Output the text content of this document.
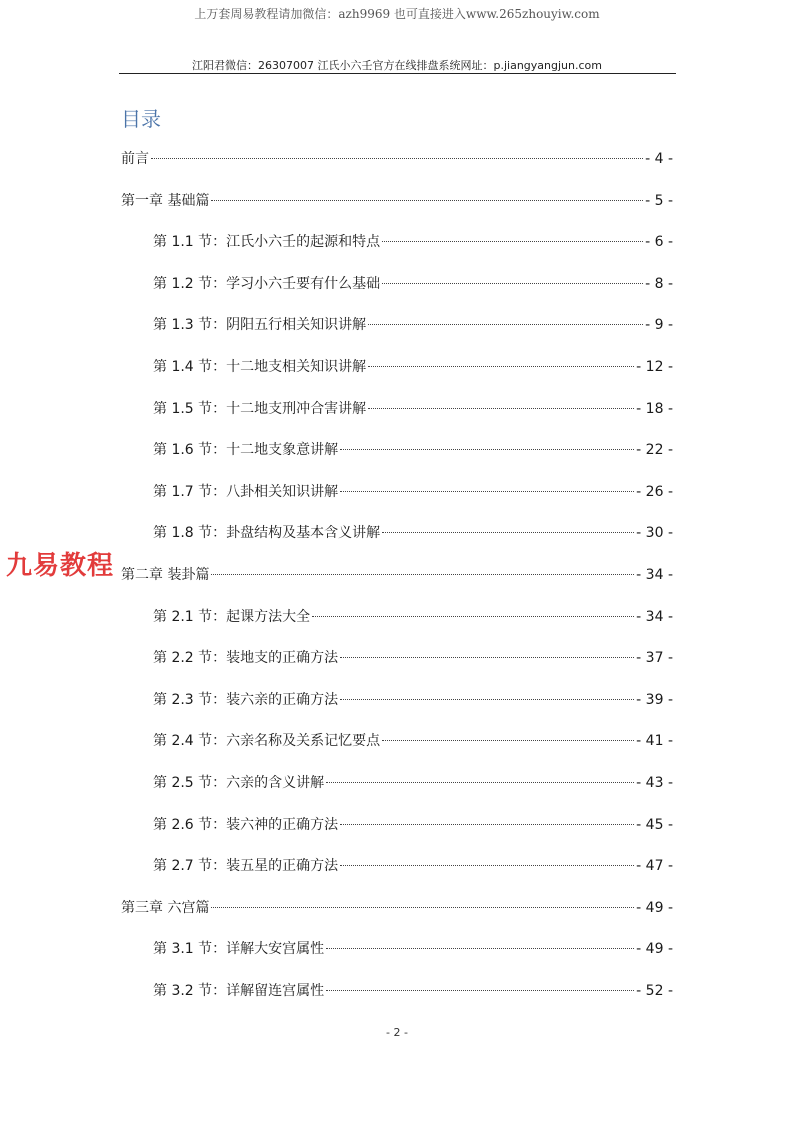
上万套周易教程请加微信：azh9969 也可直接进入www.265zhouyiw.com
江阳君微信：26307007 江氏小六壬官方在线排盘系统网址：p.jiangyangjun.com
目录
前言	- 4 -
第一章 基础篇	- 5 -
第 1.1 节：江氏小六壬的起源和特点	- 6 -
第 1.2 节：学习小六壬要有什么基础	- 8 -
第 1.3 节：阴阳五行相关知识讲解	- 9 -
第 1.4 节：十二地支相关知识讲解	- 12 -
第 1.5 节：十二地支刑冲合害讲解	- 18 -
第 1.6 节：十二地支象意讲解	- 22 -
第 1.7 节：八卦相关知识讲解	- 26 -
第 1.8 节：卦盘结构及基本含义讲解	- 30 -
第二章 装卦篇	- 34 -
第 2.1 节：起课方法大全	- 34 -
第 2.2 节：装地支的正确方法	- 37 -
第 2.3 节：装六亲的正确方法	- 39 -
第 2.4 节：六亲名称及关系记忆要点	- 41 -
第 2.5 节：六亲的含义讲解	- 43 -
第 2.6 节：装六神的正确方法	- 45 -
第 2.7 节：装五星的正确方法	- 47 -
第三章 六宫篇	- 49 -
第 3.1 节：详解大安宫属性	- 49 -
第 3.2 节：详解留连宫属性	- 52 -
九易教程
- 2 -
